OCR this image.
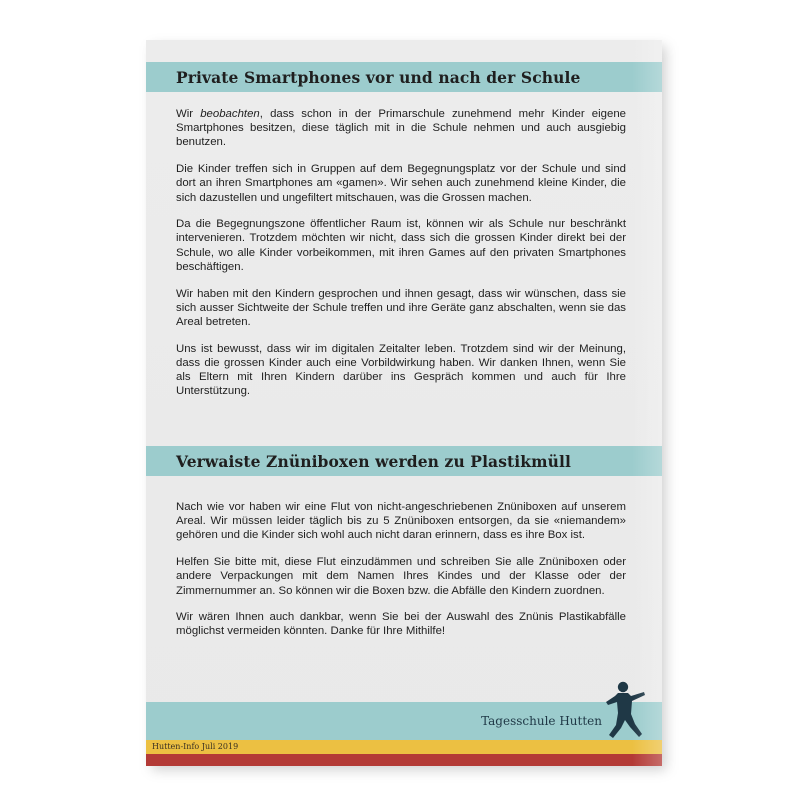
Private Smartphones vor und nach der Schule

Wir beobachten, dass schon in der Primarschule zunehmend mehr Kinder eigene Smartphones besitzen, diese täglich mit in die Schule nehmen und auch ausgiebig benutzen.

Die Kinder treffen sich in Gruppen auf dem Begegnungsplatz vor der Schule und sind dort an ihren Smartphones am «gamen». Wir sehen auch zunehmend kleine Kinder, die sich dazustellen und ungefiltert mitschauen, was die Grossen machen.

Da die Begegnungszone öffentlicher Raum ist, können wir als Schule nur beschränkt intervenieren. Trotzdem möchten wir nicht, dass sich die grossen Kinder direkt bei der Schule, wo alle Kinder vorbeikommen, mit ihren Games auf den privaten Smartphones beschäftigen.

Wir haben mit den Kindern gesprochen und ihnen gesagt, dass wir wünschen, dass sie sich ausser Sichtweite der Schule treffen und ihre Geräte ganz abschalten, wenn sie das Areal betreten.

Uns ist bewusst, dass wir im digitalen Zeitalter leben. Trotzdem sind wir der Meinung, dass die grossen Kinder auch eine Vorbildwirkung haben. Wir danken Ihnen, wenn Sie als Eltern mit Ihren Kindern darüber ins Gespräch kommen und auch für Ihre Unterstützung.

Verwaiste Znüniboxen werden zu Plastikmüll

Nach wie vor haben wir eine Flut von nicht-angeschriebenen Znüniboxen auf unserem Areal. Wir müssen leider täglich bis zu 5 Znüniboxen entsorgen, da sie «niemandem» gehören und die Kinder sich wohl auch nicht daran erinnern, dass es ihre Box ist.

Helfen Sie bitte mit, diese Flut einzudämmen und schreiben Sie alle Znüniboxen oder andere Verpackungen mit dem Namen Ihres Kindes und der Klasse oder der Zimmernummer an. So können wir die Boxen bzw. die Abfälle den Kindern zuordnen.

Wir wären Ihnen auch dankbar, wenn Sie bei der Auswahl des Znünis Plastikabfälle möglichst vermeiden könnten. Danke für Ihre Mithilfe!

Tagesschule Hutten
Hutten-Info Juli 2019
